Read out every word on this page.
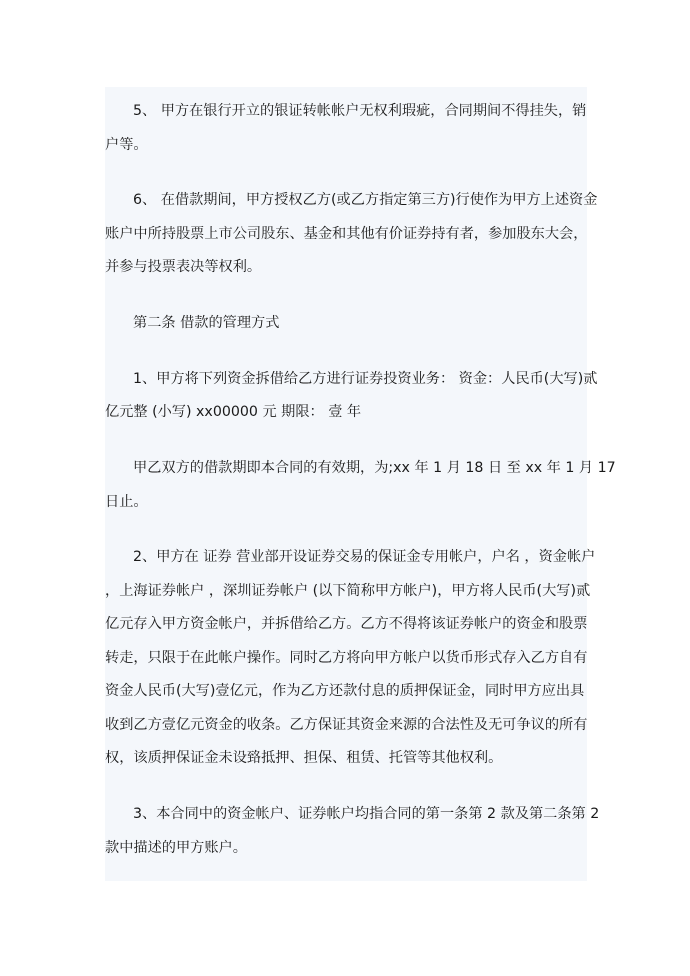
5、 甲方在银行开立的银证转帐帐户无权利瑕疵，合同期间不得挂失，销
户等。
6、 在借款期间，甲方授权乙方(或乙方指定第三方)行使作为甲方上述资金
账户中所持股票上市公司股东、基金和其他有价证券持有者，参加股东大会，
并参与投票表决等权利。
第二条 借款的管理方式
1、甲方将下列资金拆借给乙方进行证券投资业务： 资金：人民币(大写)贰
亿元整 (小写) xx00000 元 期限： 壹 年
甲乙双方的借款期即本合同的有效期，为;xx 年 1 月 18 日 至 xx 年 1 月 17
日止。
2、甲方在 证券 营业部开设证券交易的保证金专用帐户，户名 ，资金帐户
，上海证券帐户 ，深圳证券帐户 (以下简称甲方帐户)，甲方将人民币(大写)贰
亿元存入甲方资金帐户，并拆借给乙方。乙方不得将该证券帐户的资金和股票
转走，只限于在此帐户操作。同时乙方将向甲方帐户以货币形式存入乙方自有
资金人民币(大写)壹亿元，作为乙方还款付息的质押保证金，同时甲方应出具
收到乙方壹亿元资金的收条。乙方保证其资金来源的合法性及无可争议的所有
权，该质押保证金未设臵抵押、担保、租赁、托管等其他权利。
3、本合同中的资金帐户、证券帐户均指合同的第一条第 2 款及第二条第 2
款中描述的甲方账户。
